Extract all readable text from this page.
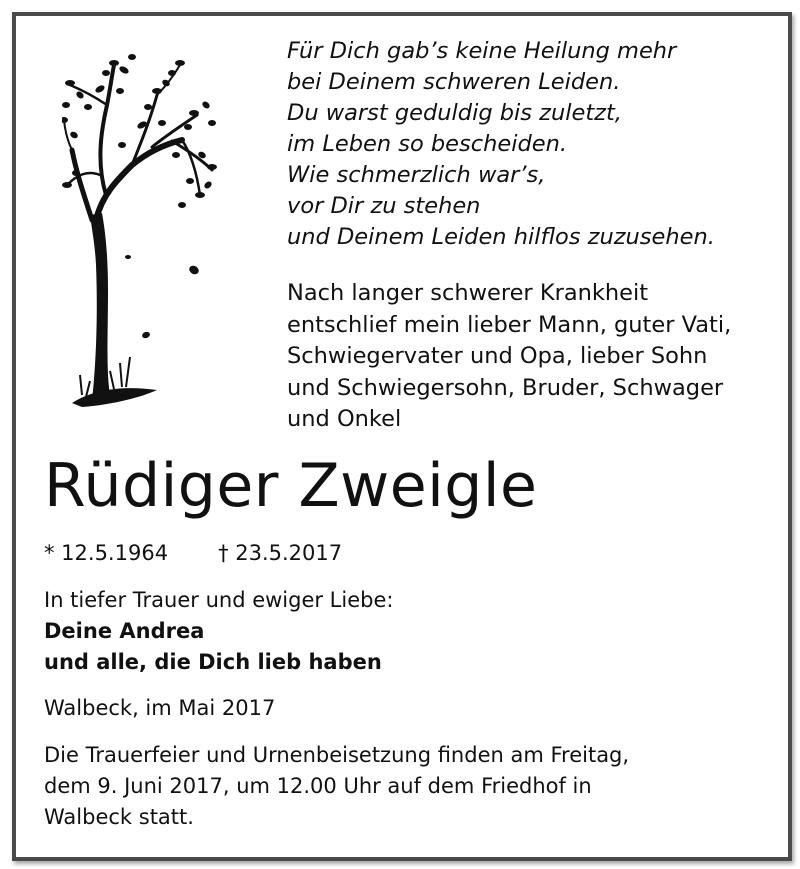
Für Dich gab’s keine Heilung mehr
bei Deinem schweren Leiden.
Du warst geduldig bis zuletzt,
im Leben so bescheiden.
Wie schmerzlich war’s,
vor Dir zu stehen
und Deinem Leiden hilflos zuzusehen.
Nach langer schwerer Krankheit
entschlief mein lieber Mann, guter Vati,
Schwiegervater und Opa, lieber Sohn
und Schwiegersohn, Bruder, Schwager
und Onkel
Rüdiger Zweigle
* 12.5.1964 † 23.5.2017
In tiefer Trauer und ewiger Liebe:
Deine Andrea
und alle, die Dich lieb haben
Walbeck, im Mai 2017
Die Trauerfeier und Urnenbeisetzung finden am Freitag,
dem 9. Juni 2017, um 12.00 Uhr auf dem Friedhof in
Walbeck statt.
